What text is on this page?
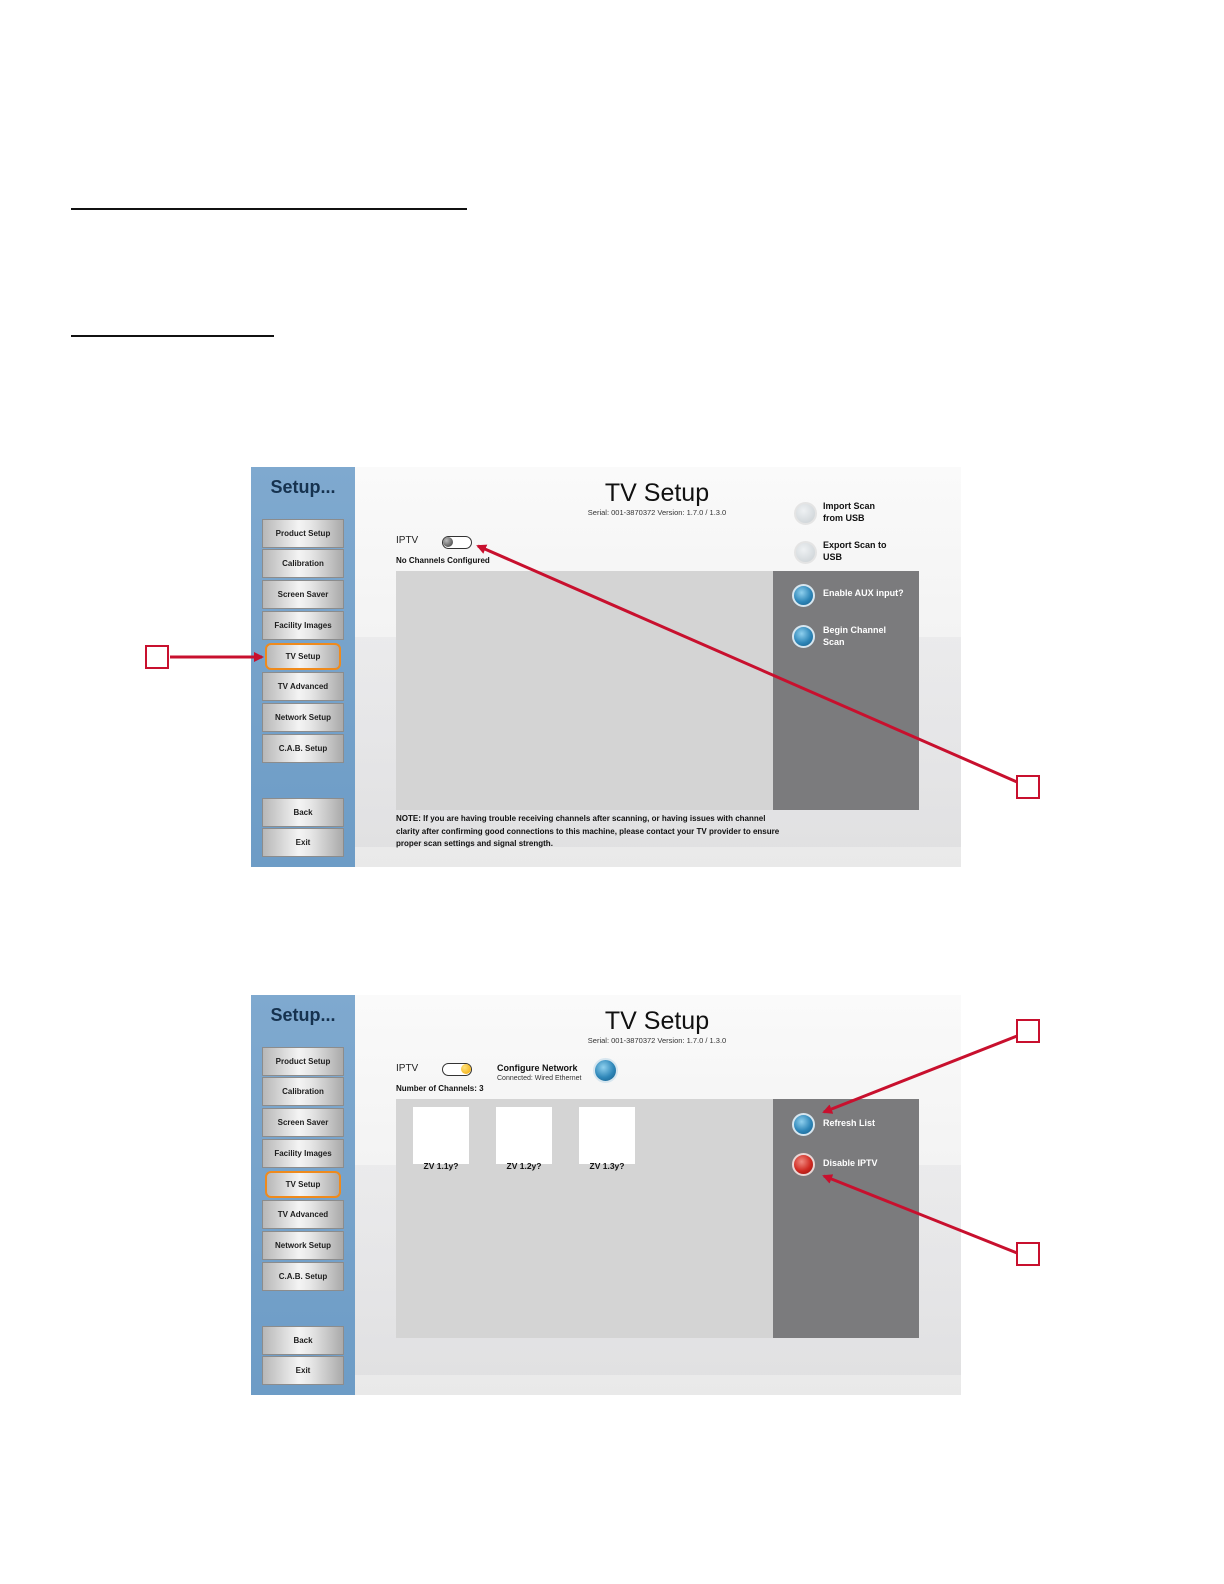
Setup...
Product Setup
Calibration
Screen Saver
Facility Images
TV Setup
TV Advanced
Network Setup
C.A.B. Setup
Back
Exit
TV Setup
Serial: 001-3870372 Version: 1.7.0 / 1.3.0
Import Scan from USB
Export Scan to USB
IPTV
No Channels Configured
Enable AUX input?
Begin Channel Scan
NOTE: If you are having trouble receiving channels after scanning, or having issues with channel clarity after confirming good connections to this machine, please contact your TV provider to ensure proper scan settings and signal strength.
Setup...
Product Setup
Calibration
Screen Saver
Facility Images
TV Setup
TV Advanced
Network Setup
C.A.B. Setup
Back
Exit
TV Setup
Serial: 001-3870372 Version: 1.7.0 / 1.3.0
IPTV	Configure Network
Connected: Wired Ethernet
Number of Channels: 3
ZV 1.1y?	ZV 1.2y?	ZV 1.3y?
Refresh List
Disable IPTV
